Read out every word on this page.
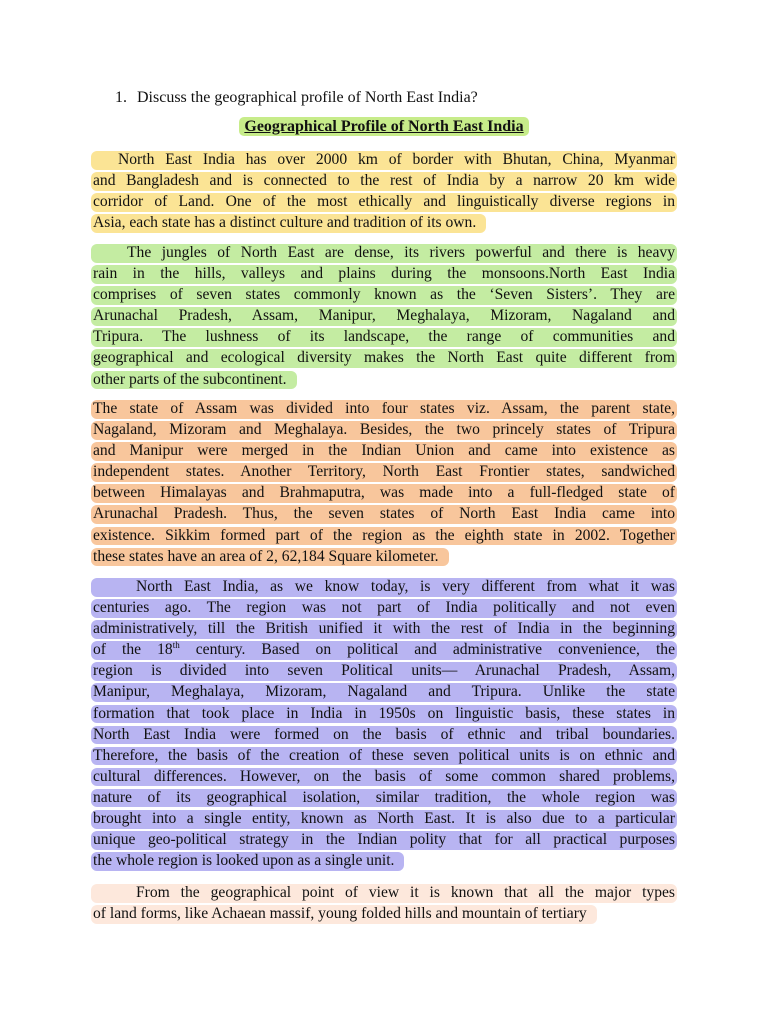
1. Discuss the geographical profile of North East India?
Geographical Profile of North East India
North East India has over 2000 km of border with Bhutan, China, Myanmar
and Bangladesh and is connected to the rest of India by a narrow 20 km wide
corridor of Land. One of the most ethically and linguistically diverse regions in
Asia, each state has a distinct culture and tradition of its own.

The jungles of North East are dense, its rivers powerful and there is heavy
rain in the hills, valleys and plains during the monsoons.North East India
comprises of seven states commonly known as the ‘Seven Sisters’. They are
Arunachal Pradesh, Assam, Manipur, Meghalaya, Mizoram, Nagaland and
Tripura. The lushness of its landscape, the range of communities and
geographical and ecological diversity makes the North East quite different from
other parts of the subcontinent.

The state of Assam was divided into four states viz. Assam, the parent state,
Nagaland, Mizoram and Meghalaya. Besides, the two princely states of Tripura
and Manipur were merged in the Indian Union and came into existence as
independent states. Another Territory, North East Frontier states, sandwiched
between Himalayas and Brahmaputra, was made into a full-fledged state of
Arunachal Pradesh. Thus, the seven states of North East India came into
existence. Sikkim formed part of the region as the eighth state in 2002. Together
these states have an area of 2, 62,184 Square kilometer.

North East India, as we know today, is very different from what it was
centuries ago. The region was not part of India politically and not even
administratively, till the British unified it with the rest of India in the beginning
of the 18th century. Based on political and administrative convenience, the
region is divided into seven Political units— Arunachal Pradesh, Assam,
Manipur, Meghalaya, Mizoram, Nagaland and Tripura. Unlike the state
formation that took place in India in 1950s on linguistic basis, these states in
North East India were formed on the basis of ethnic and tribal boundaries.
Therefore, the basis of the creation of these seven political units is on ethnic and
cultural differences. However, on the basis of some common shared problems,
nature of its geographical isolation, similar tradition, the whole region was
brought into a single entity, known as North East. It is also due to a particular
unique geo-political strategy in the Indian polity that for all practical purposes
the whole region is looked upon as a single unit.

From the geographical point of view it is known that all the major types
of land forms, like Achaean massif, young folded hills and mountain of tertiary
